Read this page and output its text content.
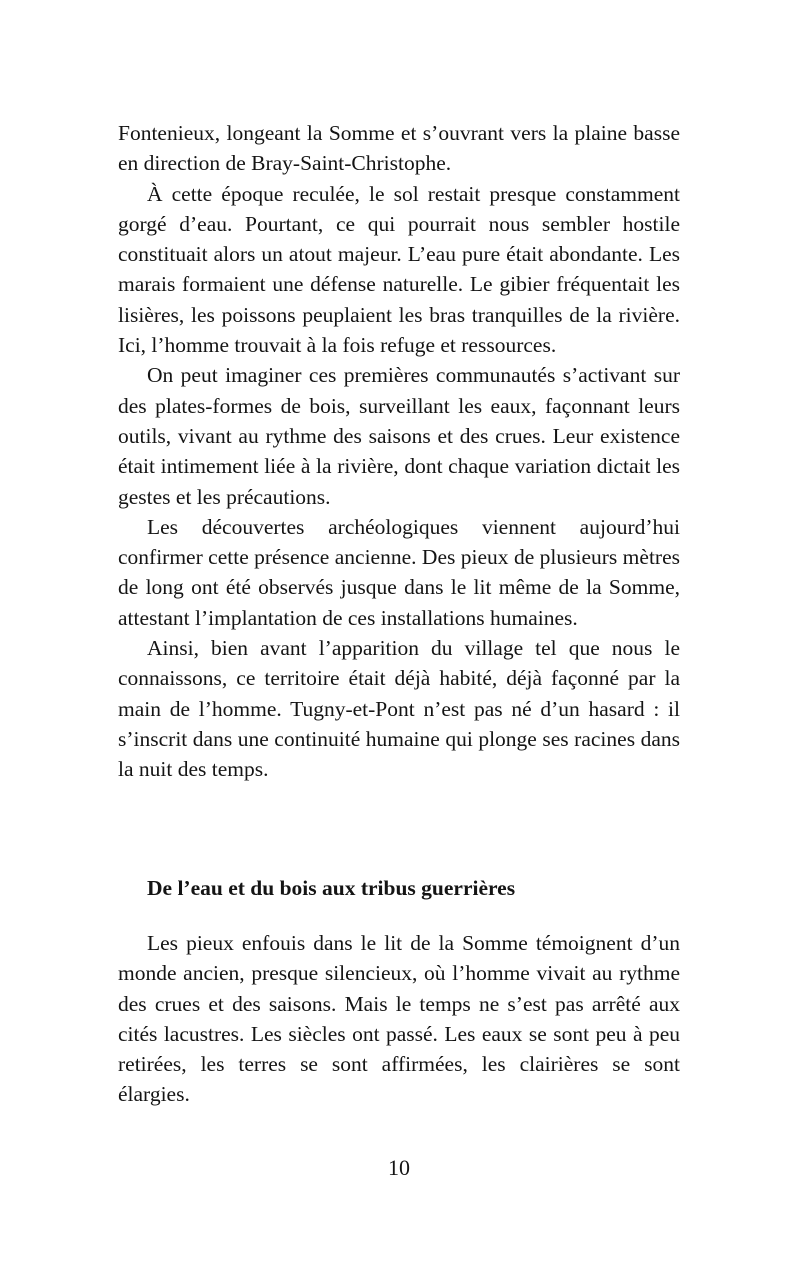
Fontenieux, longeant la Somme et s’ouvrant vers la plaine basse en direction de Bray-Saint-Christophe.

À cette époque reculée, le sol restait presque constamment gorgé d’eau. Pourtant, ce qui pourrait nous sembler hostile constituait alors un atout majeur. L’eau pure était abondante. Les marais formaient une défense naturelle. Le gibier fréquentait les lisières, les poissons peuplaient les bras tranquilles de la rivière. Ici, l’homme trouvait à la fois refuge et ressources.

On peut imaginer ces premières communautés s’activant sur des plates-formes de bois, surveillant les eaux, façonnant leurs outils, vivant au rythme des saisons et des crues. Leur existence était intimement liée à la rivière, dont chaque variation dictait les gestes et les précautions.

Les découvertes archéologiques viennent aujourd’hui confirmer cette présence ancienne. Des pieux de plusieurs mètres de long ont été observés jusque dans le lit même de la Somme, attestant l’implantation de ces installations humaines.

Ainsi, bien avant l’apparition du village tel que nous le connaissons, ce territoire était déjà habité, déjà façonné par la main de l’homme. Tugny-et-Pont n’est pas né d’un hasard : il s’inscrit dans une continuité humaine qui plonge ses racines dans la nuit des temps.

De l’eau et du bois aux tribus guerrières

Les pieux enfouis dans le lit de la Somme témoignent d’un monde ancien, presque silencieux, où l’homme vivait au rythme des crues et des saisons. Mais le temps ne s’est pas arrêté aux cités lacustres. Les siècles ont passé. Les eaux se sont peu à peu retirées, les terres se sont affirmées, les clairières se sont élargies.

10
